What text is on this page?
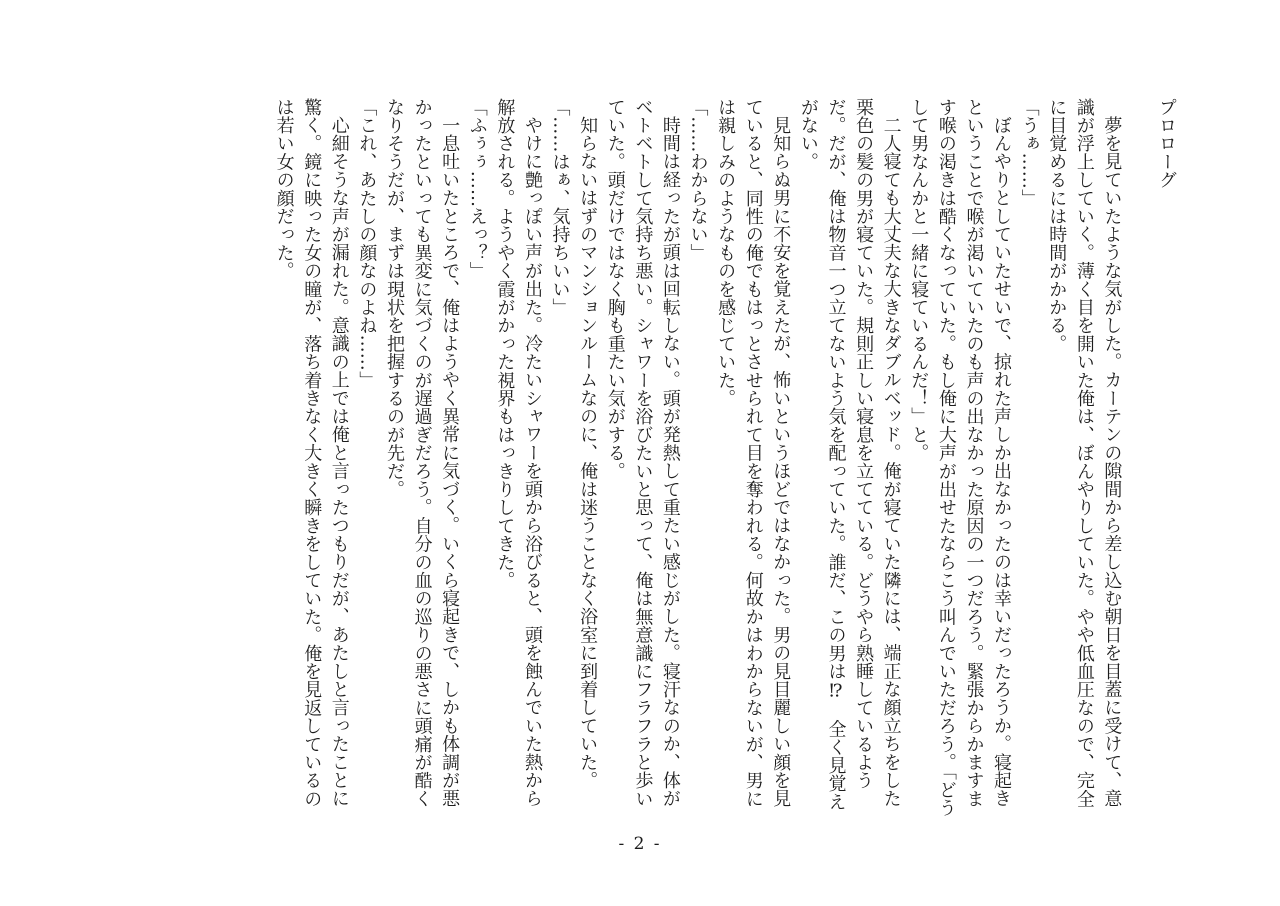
プロローグ

夢を見ていたような気がした。カーテンの隙間から差し込む朝日を目蓋に受けて、意識が浮上していく。薄く目を開いた俺は、ぼんやりしていた。やや低血圧なので、完全に目覚めるには時間がかかる。

「うぁ……」

ぼんやりとしていたせいで、掠れた声しか出なかったのは幸いだったろうか。寝起きということで喉が渇いていたのも声の出なかった原因の一つだろう。緊張からかますます喉の渇きは酷くなっていた。もし俺に大声が出せたならこう叫んでいただろう。「どうして男なんかと一緒に寝ているんだ！」と。

二人寝ても大丈夫な大きなダブルベッド。俺が寝ていた隣には、端正な顔立ちをした栗色の髪の男が寝ていた。規則正しい寝息を立てている。どうやら熟睡しているようだ。だが、俺は物音一つ立てないよう気を配っていた。誰だ、この男は⁉　全く見覚えがない。

見知らぬ男に不安を覚えたが、怖いというほどではなかった。男の見目麗しい顔を見ていると、同性の俺でもはっとさせられて目を奪われる。何故かはわからないが、男には親しみのようなものを感じていた。

「……わからない」

時間は経ったが頭は回転しない。頭が発熱して重たい感じがした。寝汗なのか、体がベトベトして気持ち悪い。シャワーを浴びたいと思って、俺は無意識にフラフラと歩いていた。頭だけではなく胸も重たい気がする。

知らないはずのマンションルームなのに、俺は迷うことなく浴室に到着していた。

「……はぁ、気持ちいい」

やけに艶っぽい声が出た。冷たいシャワーを頭から浴びると、頭を蝕んでいた熱から解放される。ようやく霞がかった視界もはっきりしてきた。

「ふぅぅ……えっ？」

一息吐いたところで、俺はようやく異常に気づく。いくら寝起きで、しかも体調が悪かったといっても異変に気づくのが遅過ぎだろう。自分の血の巡りの悪さに頭痛が酷くなりそうだが、まずは現状を把握するのが先だ。

「これ、あたしの顔なのよね……」

心細そうな声が漏れた。意識の上では俺と言ったつもりだが、あたしと言ったことに驚く。鏡に映った女の瞳が、落ち着きなく大きく瞬きをしていた。俺を見返しているのは若い女の顔だった。

- 2 -
